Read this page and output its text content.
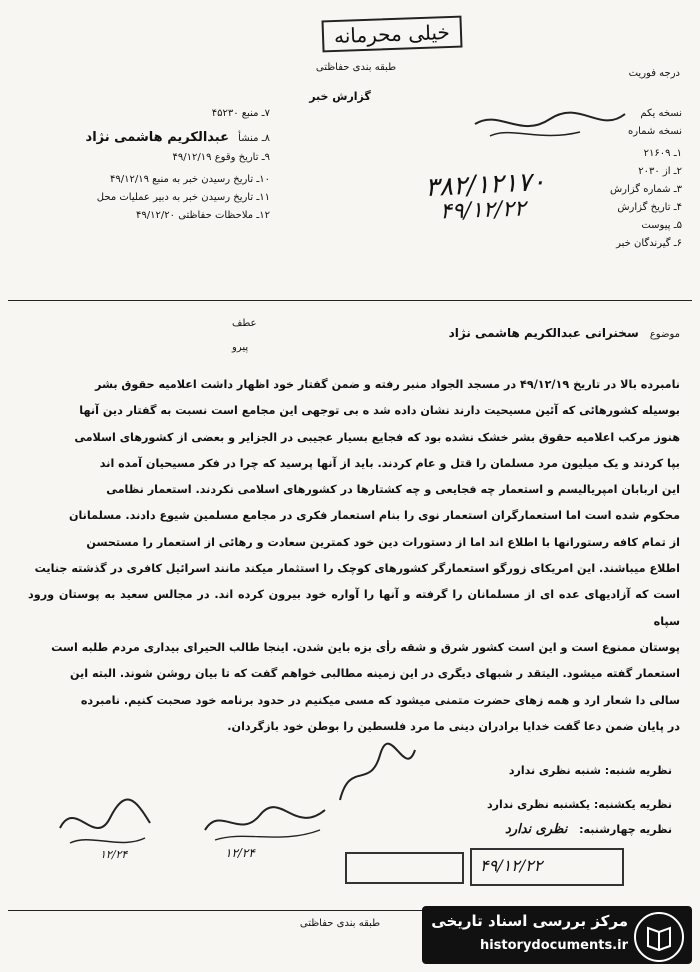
خیلی محرمانه
طبقه بندی حفاظتی
درجه فوریت
گزارش خبر
۷ـ منبع ۴۵۲۳۰
۸ـ منشأ عبدالکریم هاشمی نژاد
۹ـ تاریخ وقوع ۴۹/۱۲/۱۹
۱۰ـ تاریخ رسیدن خبر به منبع ۴۹/۱۲/۱۹
۱۱ـ تاریخ رسیدن خبر به دبیر عملیات محل
۱۲ـ ملاحظات حفاظتی ۴۹/۱۲/۲۰
نسخه یکم
نسخه شماره
۱ـ ۲۱۶۰۹
۲ـ از ۲۰۳۰
۳ـ شماره گزارش
۴ـ تاریخ گزارش
۵ـ پیوست
۶ـ گیرندگان خبر
۳۸۲/۱۲۱۷۰
۴۹/۱۲/۲۲
موضوع سخنرانی عبدالکریم هاشمی نژاد
عطف
پیرو

نامبرده بالا در تاریخ ۴۹/۱۲/۱۹ در مسجد الجواد منبر رفته و ضمن گفتار خود اظهار داشت اعلامیه حقوق بشر

بوسیله کشورهائی که آئین مسیحیت دارند نشان داده شد ه بی توجهی این مجامع است نسبت به گفتار دین آنها

هنوز مرکب اعلامیه حقوق بشر خشک نشده بود که فجایع بسیار عجیبی در الجزایر و بعضی از کشورهای اسلامی

بپا کردند و یک میلیون مرد مسلمان را قتل و عام کردند. باید از آنها پرسید که چرا در فکر مسیحیان آمده اند

این اربابان امپریالیسم و استعمار چه فجایعی و چه کشتارها در کشورهای اسلامی نکردند. استعمار نظامی

محکوم شده است اما استعمارگران استعمار نوی را بنام استعمار فکری در مجامع مسلمین شیوع دادند. مسلمانان

از تمام کافه رستورانها با اطلاع اند اما از دستورات دین خود کمترین سعادت و رهائی از استعمار را مستحسن

اطلاع میباشند. این امریکای زورگو استعمارگر کشورهای کوچک را استثمار میکند مانند اسرائیل کافری در گذشته جنایت

است که آزادیهای عده ای از مسلمانان را گرفته و آنها را آواره خود بیرون کرده اند. در مجالس سعید به پوستان ورود سپاه

پوستان ممنوع است و این است کشور شرق و شقه رأی بزه باین شدن. اینجا طالب الحیرای بیداری مردم طلبه است

استعمار گفته میشود. الیتقد ر شبهای دیگری در این زمینه مطالبی خواهم گفت که تا بیان روشن شوند. البته این

سالی دا شعار ارد و همه زهای حضرت متمنی میشود که مسی میکنیم در حدود برنامه خود صحبت کنیم. نامبرده

در پایان ضمن دعا گفت خدایا برادران دینی ما مرد فلسطین را بوطن خود بازگردان.

نظریه شنبه: شنبه نظری ندارد
نظریه یکشنبه: یکشنبه نظری ندارد
نظریه چهارشنبه: نظری ندارد
۱۲/۲۴
۱۲/۲۴
۴۹/۱۲/۲۲
طبقه بندی حفاظتی	مرکز بررسی اسناد تاریخی
historydocuments.ir
